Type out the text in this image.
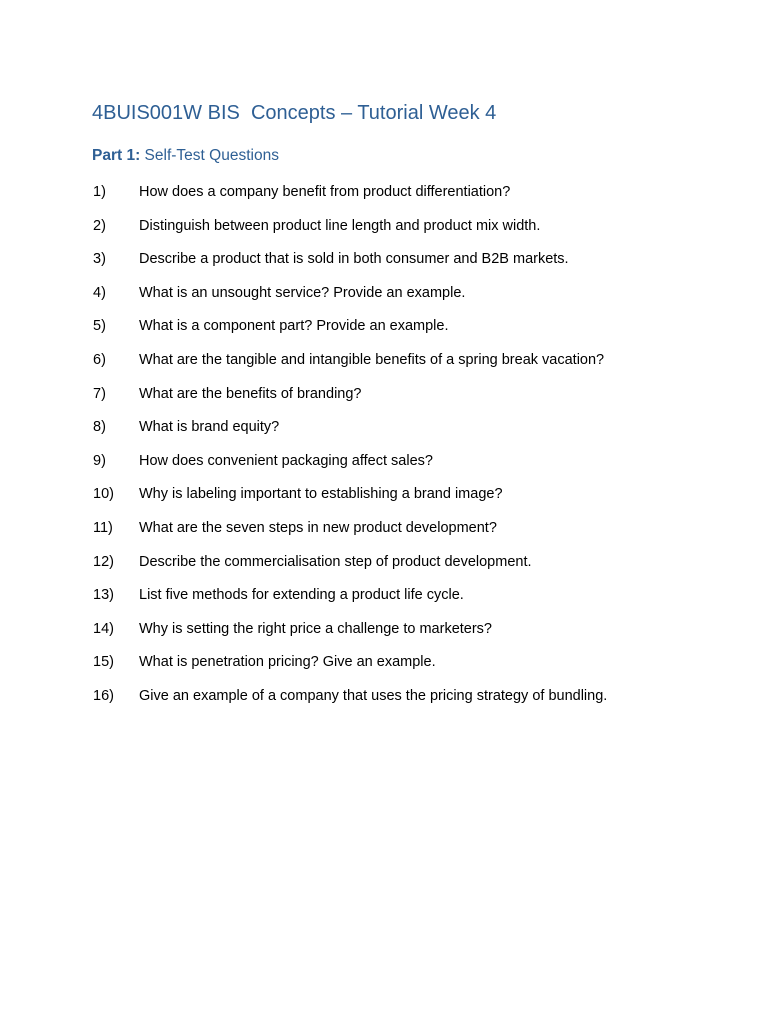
4BUIS001W BIS  Concepts – Tutorial Week 4
Part 1: Self-Test Questions
1) How does a company benefit from product differentiation?
2) Distinguish between product line length and product mix width.
3) Describe a product that is sold in both consumer and B2B markets.
4) What is an unsought service? Provide an example.
5) What is a component part? Provide an example.
6) What are the tangible and intangible benefits of a spring break vacation?
7) What are the benefits of branding?
8) What is brand equity?
9) How does convenient packaging affect sales?
10) Why is labeling important to establishing a brand image?
11) What are the seven steps in new product development?
12) Describe the commercialisation step of product development.
13) List five methods for extending a product life cycle.
14) Why is setting the right price a challenge to marketers?
15) What is penetration pricing? Give an example.
16) Give an example of a company that uses the pricing strategy of bundling.
